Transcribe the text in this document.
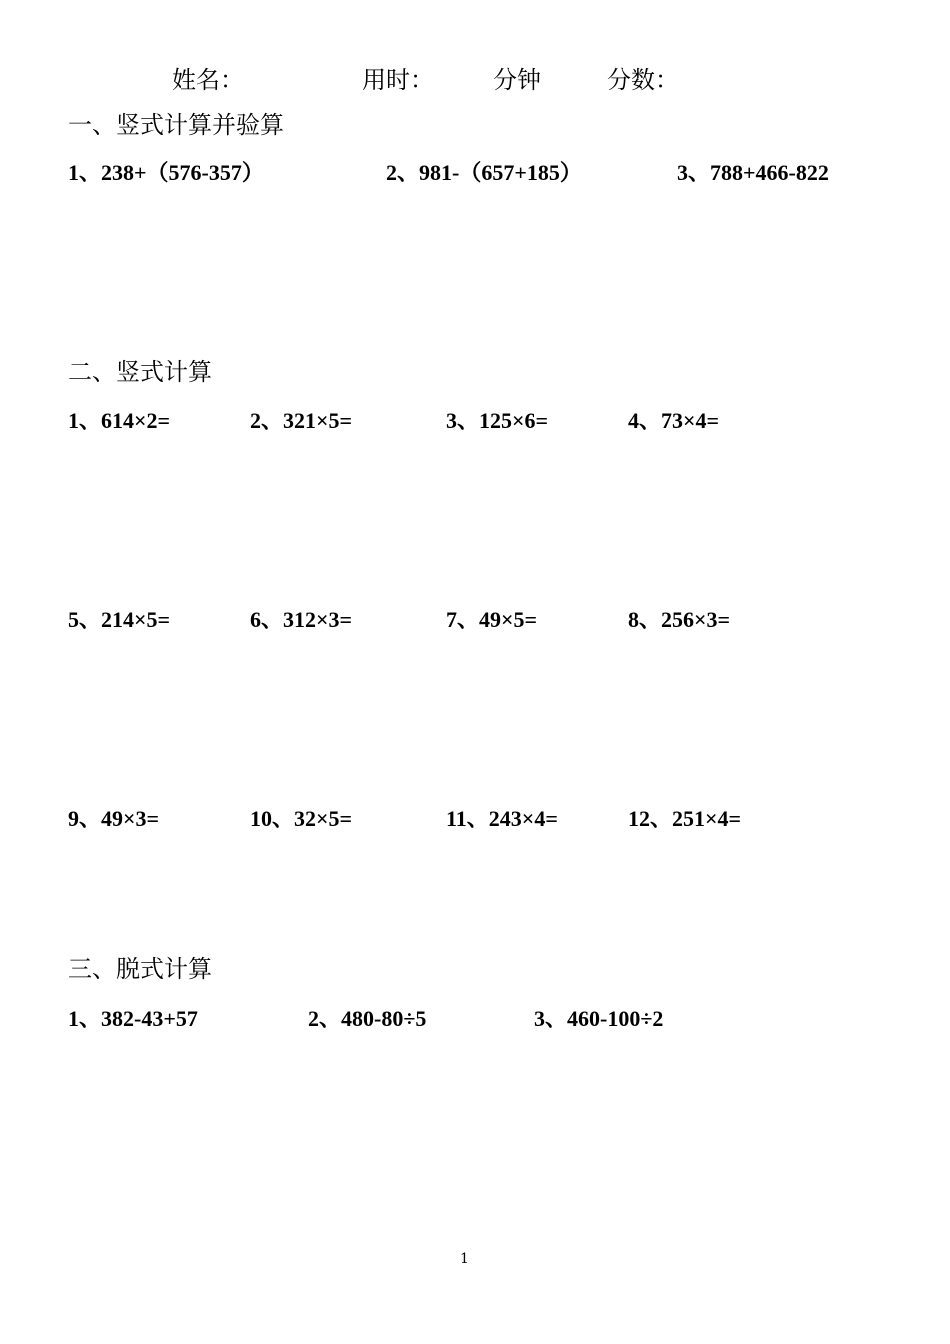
姓名：	用时： 分钟	分数：
一、竖式计算并验算
1、238+（576-357）	2、981-（657+185）	3、788+466-822
二、竖式计算
1、614×2=	2、321×5=	3、125×6=	4、73×4=
5、214×5=	6、312×3=	7、49×5=	8、256×3=
9、49×3=	10、32×5=	11、243×4=	12、251×4=
三、脱式计算
1、382-43+57	2、480-80÷5	3、460-100÷2
1
